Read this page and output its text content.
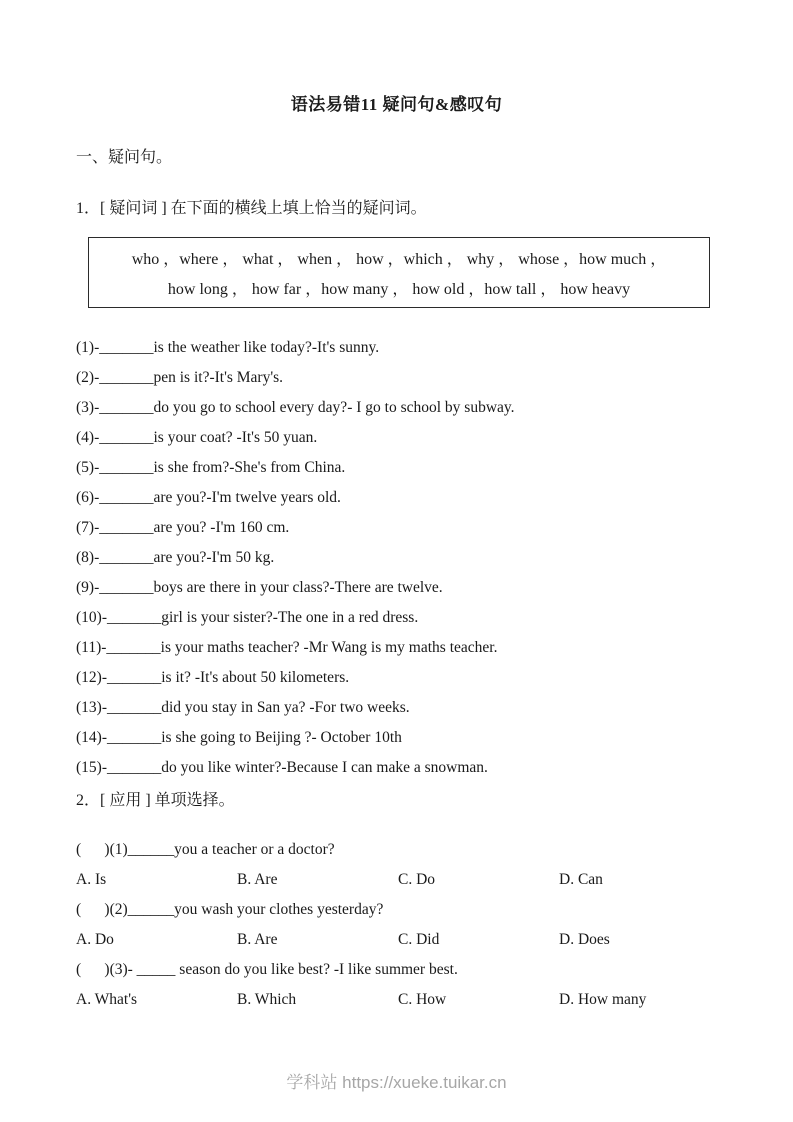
语法易错11 疑问句&感叹句
一、疑问句。
1．[ 疑问词 ] 在下面的横线上填上恰当的疑问词。
who ，where ， what ， when ， how ，which ， why ， whose ，how much ，
how long ， how far ，how many ， how old ，how tall ， how heavy
(1)-_______is the weather like today?-It's sunny.
(2)-_______pen is it?-It's Mary's.
(3)-_______do you go to school every day?- I go to school by subway.
(4)-_______is your coat? -It's 50 yuan.
(5)-_______is she from?-She's from China.
(6)-_______are you?-I'm twelve years old.
(7)-_______are you? -I'm 160 cm.
(8)-_______are you?-I'm 50 kg.
(9)-_______boys are there in your class?-There are twelve.
(10)-_______girl is your sister?-The one in a red dress.
(11)-_______is your maths teacher? -Mr Wang is my maths teacher.
(12)-_______is it? -It's about 50 kilometers.
(13)-_______did you stay in San ya? -For two weeks.
(14)-_______is she going to Beijing ?- October 10th
(15)-_______do you like winter?-Because I can make a snowman.
2．[ 应用 ] 单项选择。
(      )(1)______you a teacher or a doctor?
A. Is	B. Are	C. Do	D. Can
(      )(2)______you wash your clothes yesterday?
A. Do	B. Are	C. Did	D. Does
(      )(3)- _____ season do you like best? -I like summer best.
A. What's	B. Which	C. How	D. How many
学科站 https://xueke.tuikar.cn
